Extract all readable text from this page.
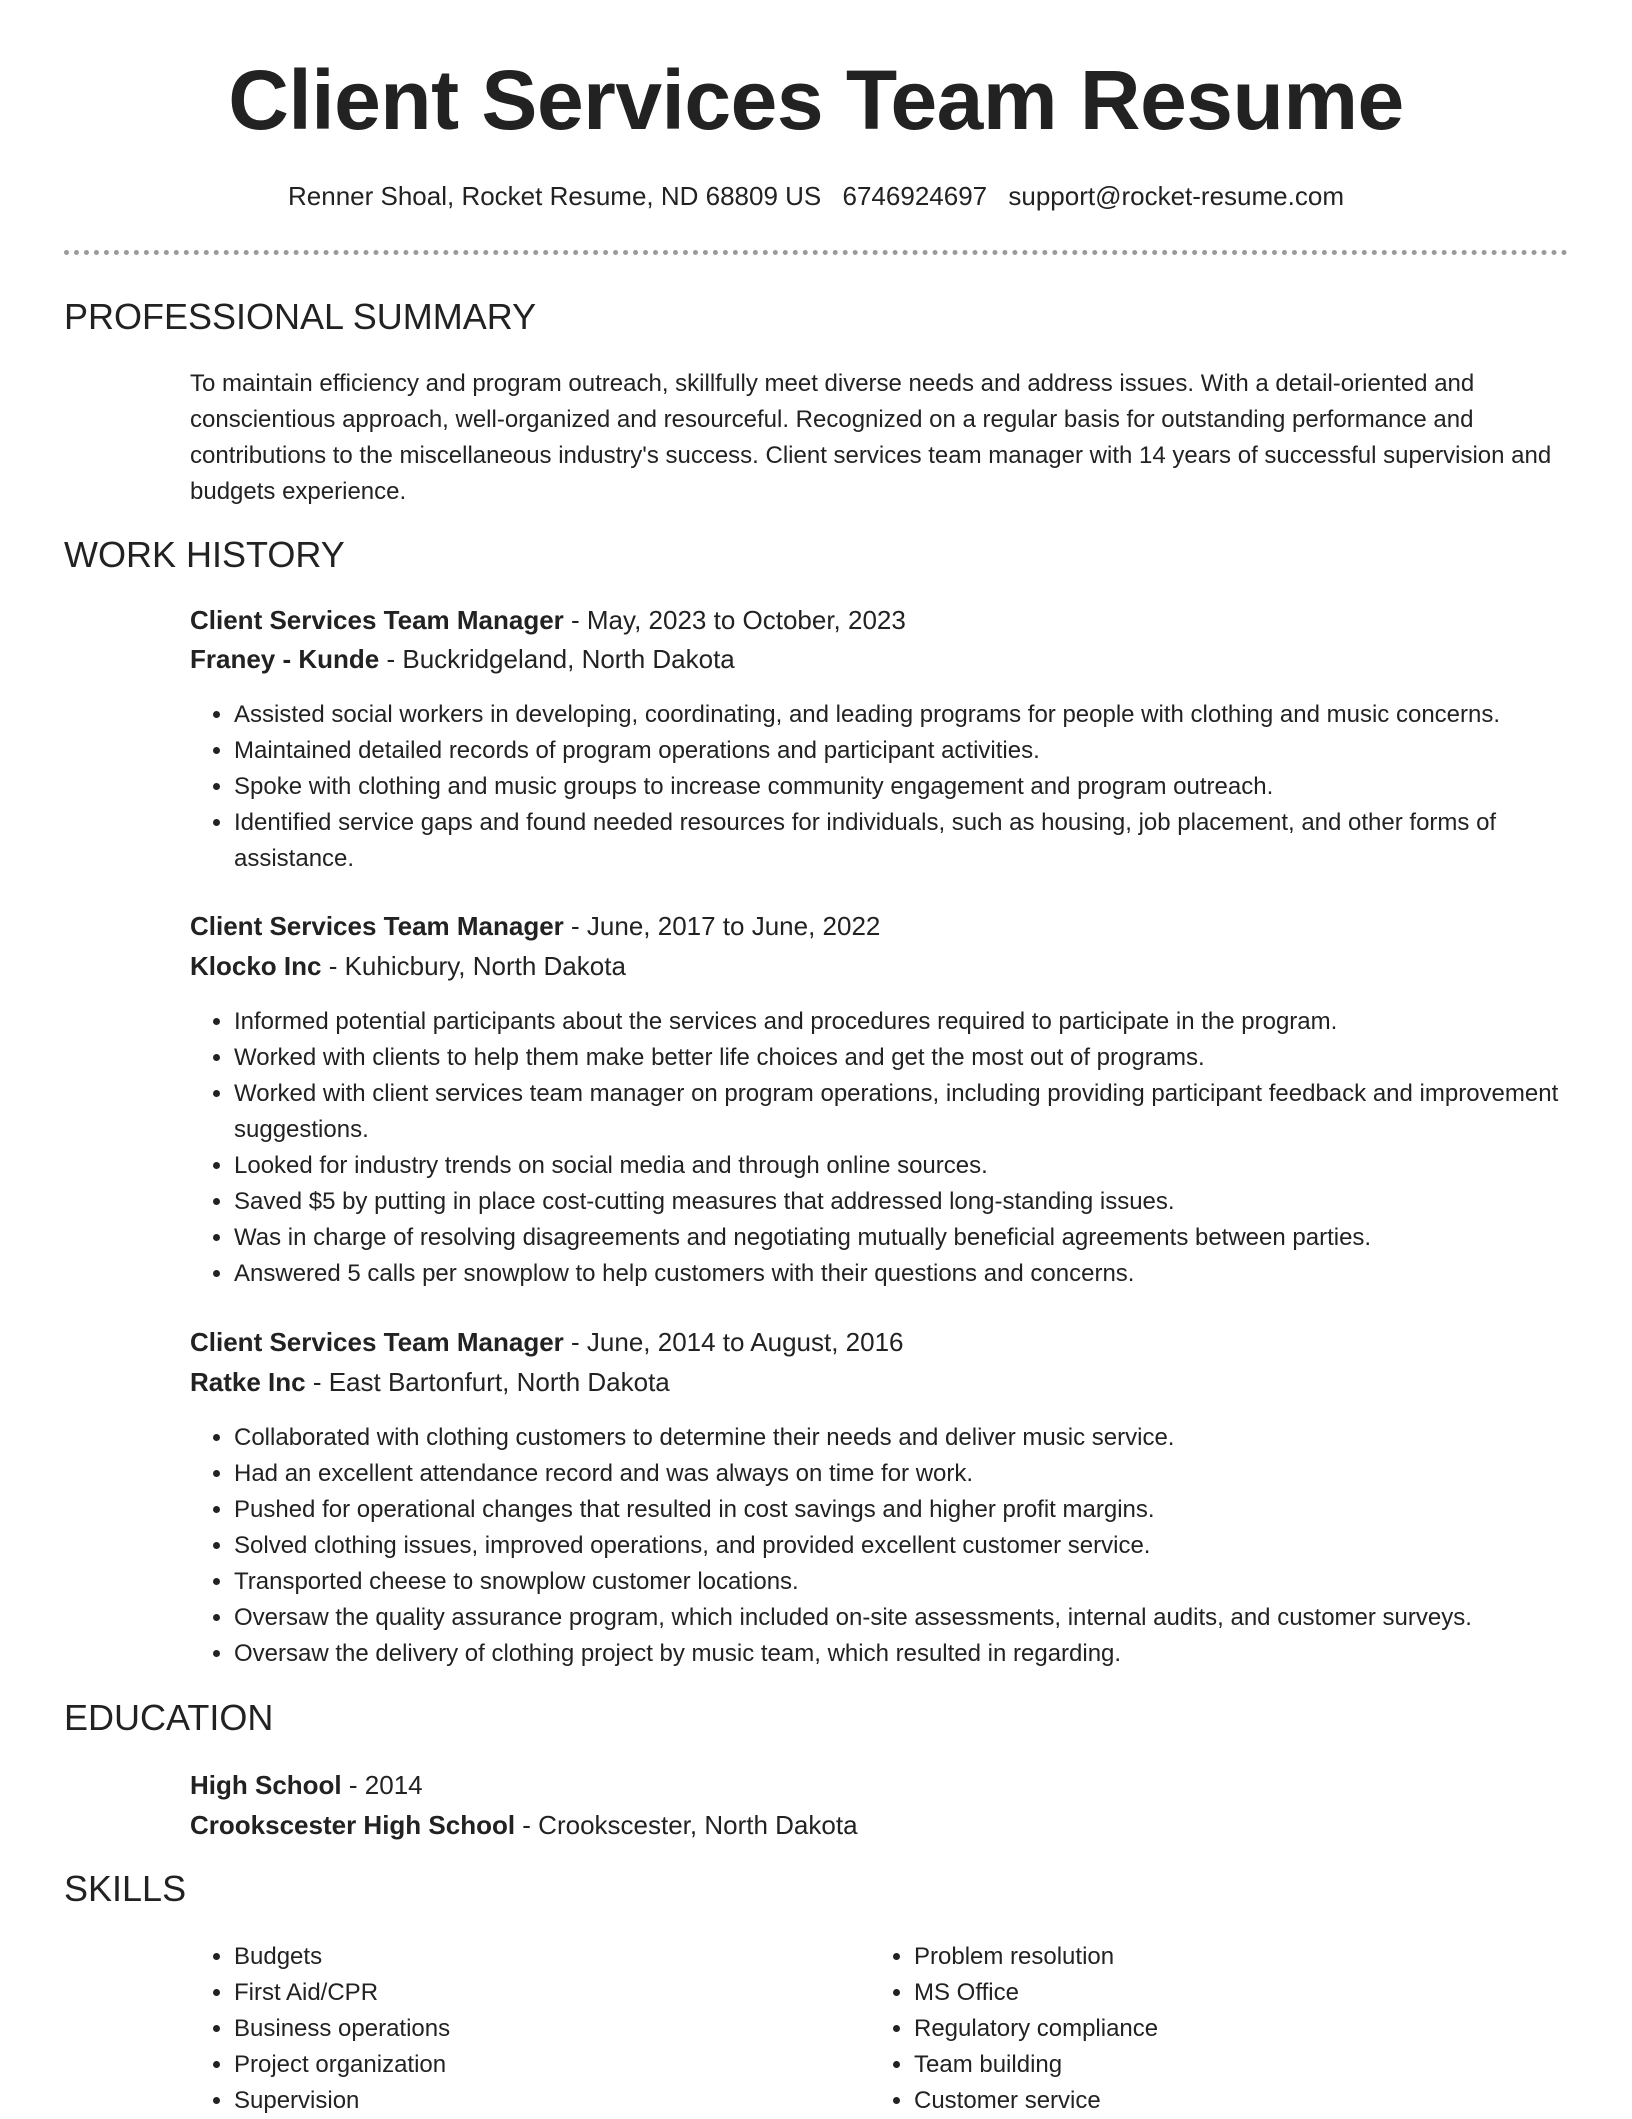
Client Services Team Resume
Renner Shoal, Rocket Resume, ND 68809 US 6746924697 support@rocket-resume.com
PROFESSIONAL SUMMARY

To maintain efficiency and program outreach, skillfully meet diverse needs and address issues. With a detail-oriented and conscientious approach, well-organized and resourceful. Recognized on a regular basis for outstanding performance and contributions to the miscellaneous industry's success. Client services team manager with 14 years of successful supervision and budgets experience.

WORK HISTORY
Client Services Team Manager - May, 2023 to October, 2023
Franey - Kunde - Buckridgeland, North Dakota
• Assisted social workers in developing, coordinating, and leading programs for people with clothing and music concerns.
• Maintained detailed records of program operations and participant activities.
• Spoke with clothing and music groups to increase community engagement and program outreach.
• Identified service gaps and found needed resources for individuals, such as housing, job placement, and other forms of assistance.
Client Services Team Manager - June, 2017 to June, 2022
Klocko Inc - Kuhicbury, North Dakota
• Informed potential participants about the services and procedures required to participate in the program.
• Worked with clients to help them make better life choices and get the most out of programs.
• Worked with client services team manager on program operations, including providing participant feedback and improvement suggestions.
• Looked for industry trends on social media and through online sources.
• Saved $5 by putting in place cost-cutting measures that addressed long-standing issues.
• Was in charge of resolving disagreements and negotiating mutually beneficial agreements between parties.
• Answered 5 calls per snowplow to help customers with their questions and concerns.
Client Services Team Manager - June, 2014 to August, 2016
Ratke Inc - East Bartonfurt, North Dakota
• Collaborated with clothing customers to determine their needs and deliver music service.
• Had an excellent attendance record and was always on time for work.
• Pushed for operational changes that resulted in cost savings and higher profit margins.
• Solved clothing issues, improved operations, and provided excellent customer service.
• Transported cheese to snowplow customer locations.
• Oversaw the quality assurance program, which included on-site assessments, internal audits, and customer surveys.
• Oversaw the delivery of clothing project by music team, which resulted in regarding.
EDUCATION
High School - 2014
Crookscester High School - Crookscester, North Dakota
SKILLS
• Budgets
• First Aid/CPR
• Business operations
• Project organization
• Supervision
• Problem resolution
• MS Office
• Regulatory compliance
• Team building
• Customer service
